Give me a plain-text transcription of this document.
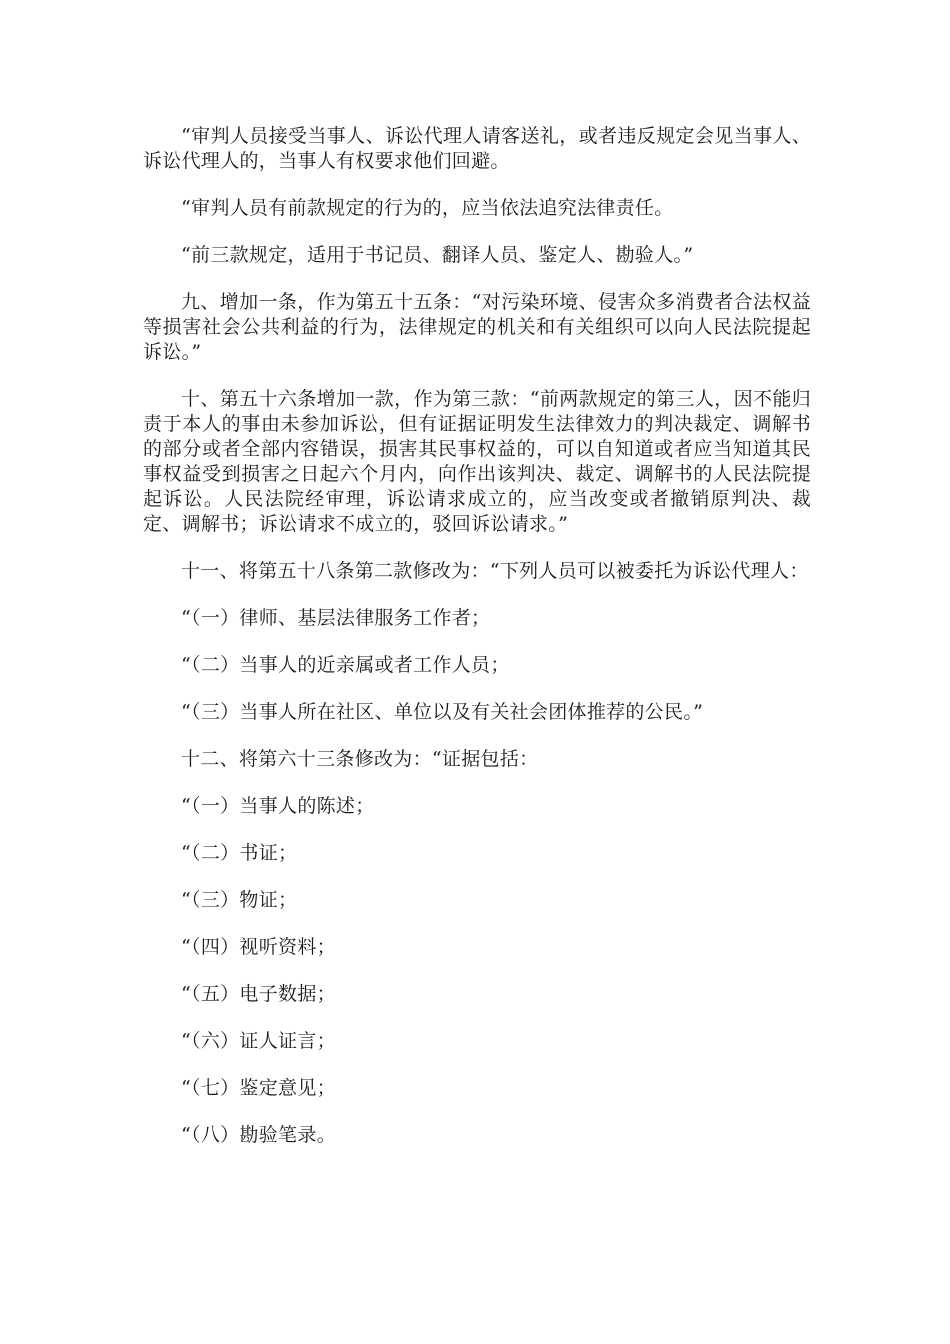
“审判人员接受当事人、诉讼代理人请客送礼，或者违反规定会见当事人、诉讼代理人的，当事人有权要求他们回避。

“审判人员有前款规定的行为的，应当依法追究法律责任。

“前三款规定，适用于书记员、翻译人员、鉴定人、勘验人。”

九、增加一条，作为第五十五条：“对污染环境、侵害众多消费者合法权益等损害社会公共利益的行为，法律规定的机关和有关组织可以向人民法院提起诉讼。”

十、第五十六条增加一款，作为第三款：“前两款规定的第三人，因不能归责于本人的事由未参加诉讼，但有证据证明发生法律效力的判决裁定、调解书的部分或者全部内容错误，损害其民事权益的，可以自知道或者应当知道其民事权益受到损害之日起六个月内，向作出该判决、裁定、调解书的人民法院提起诉讼。人民法院经审理，诉讼请求成立的，应当改变或者撤销原判决、裁定、调解书；诉讼请求不成立的，驳回诉讼请求。”

十一、将第五十八条第二款修改为：“下列人员可以被委托为诉讼代理人：

“（一）律师、基层法律服务工作者；

“（二）当事人的近亲属或者工作人员；

“（三）当事人所在社区、单位以及有关社会团体推荐的公民。”

十二、将第六十三条修改为：“证据包括：

“（一）当事人的陈述；

“（二）书证；

“（三）物证；

“（四）视听资料；

“（五）电子数据；

“（六）证人证言；

“（七）鉴定意见；

“（八）勘验笔录。
